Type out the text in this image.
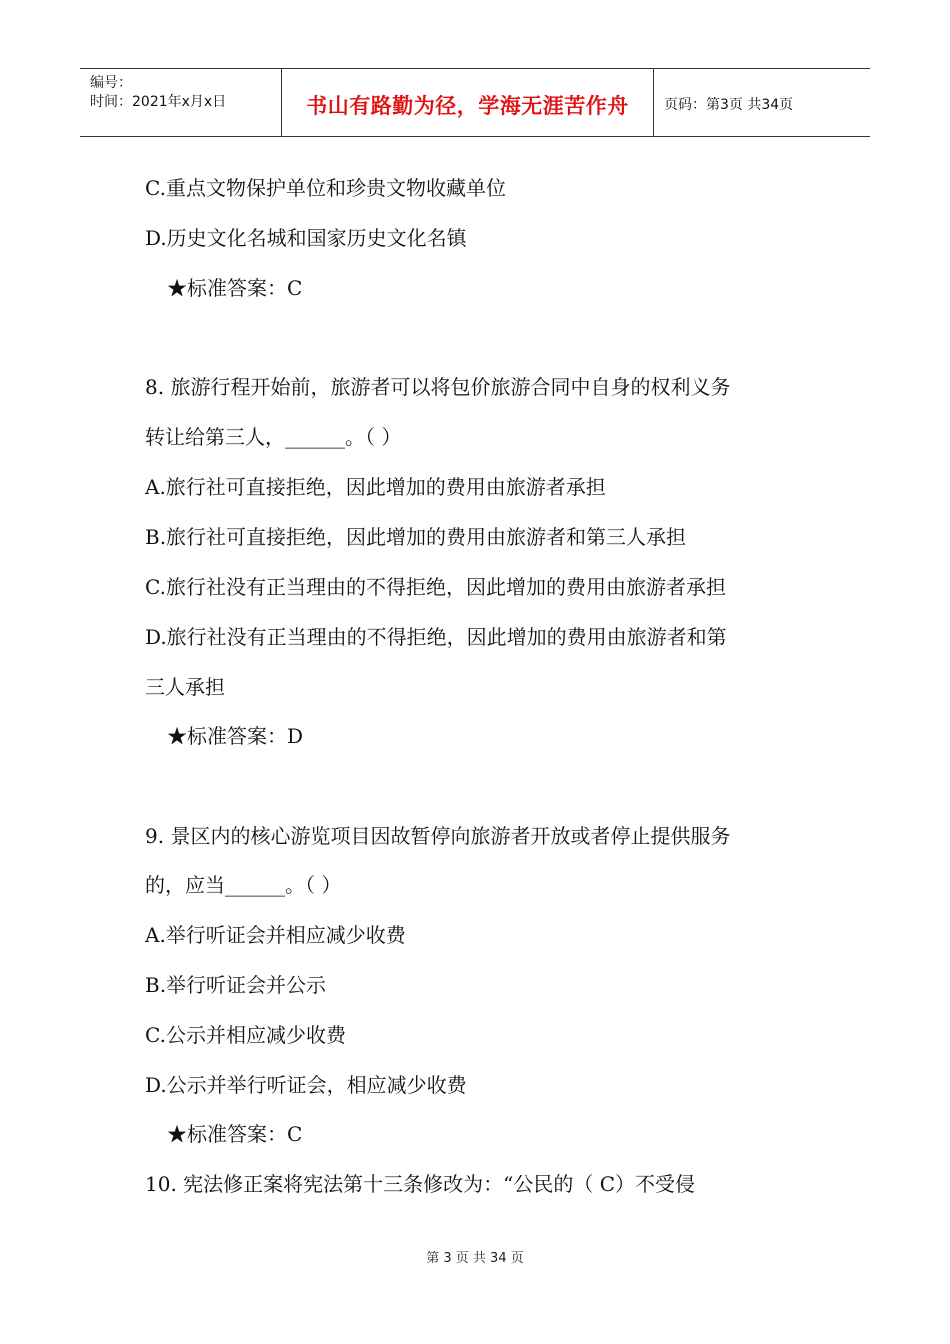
编号：
时间：2021年x月x日	书山有路勤为径，学海无涯苦作舟	页码：第3页 共34页
C.重点文物保护单位和珍贵文物收藏单位
D.历史文化名城和国家历史文化名镇
★标准答案：C
8. 旅游行程开始前，旅游者可以将包价旅游合同中自身的权利义务
转让给第三人，______。（ ）
A.旅行社可直接拒绝，因此增加的费用由旅游者承担
B.旅行社可直接拒绝，因此增加的费用由旅游者和第三人承担
C.旅行社没有正当理由的不得拒绝，因此增加的费用由旅游者承担
D.旅行社没有正当理由的不得拒绝，因此增加的费用由旅游者和第
三人承担
★标准答案：D
9. 景区内的核心游览项目因故暂停向旅游者开放或者停止提供服务
的，应当______。（ ）
A.举行听证会并相应减少收费
B.举行听证会并公示
C.公示并相应减少收费
D.公示并举行听证会，相应减少收费
★标准答案：C
10. 宪法修正案将宪法第十三条修改为：“公民的（ C）不受侵
第 3 页 共 34 页
